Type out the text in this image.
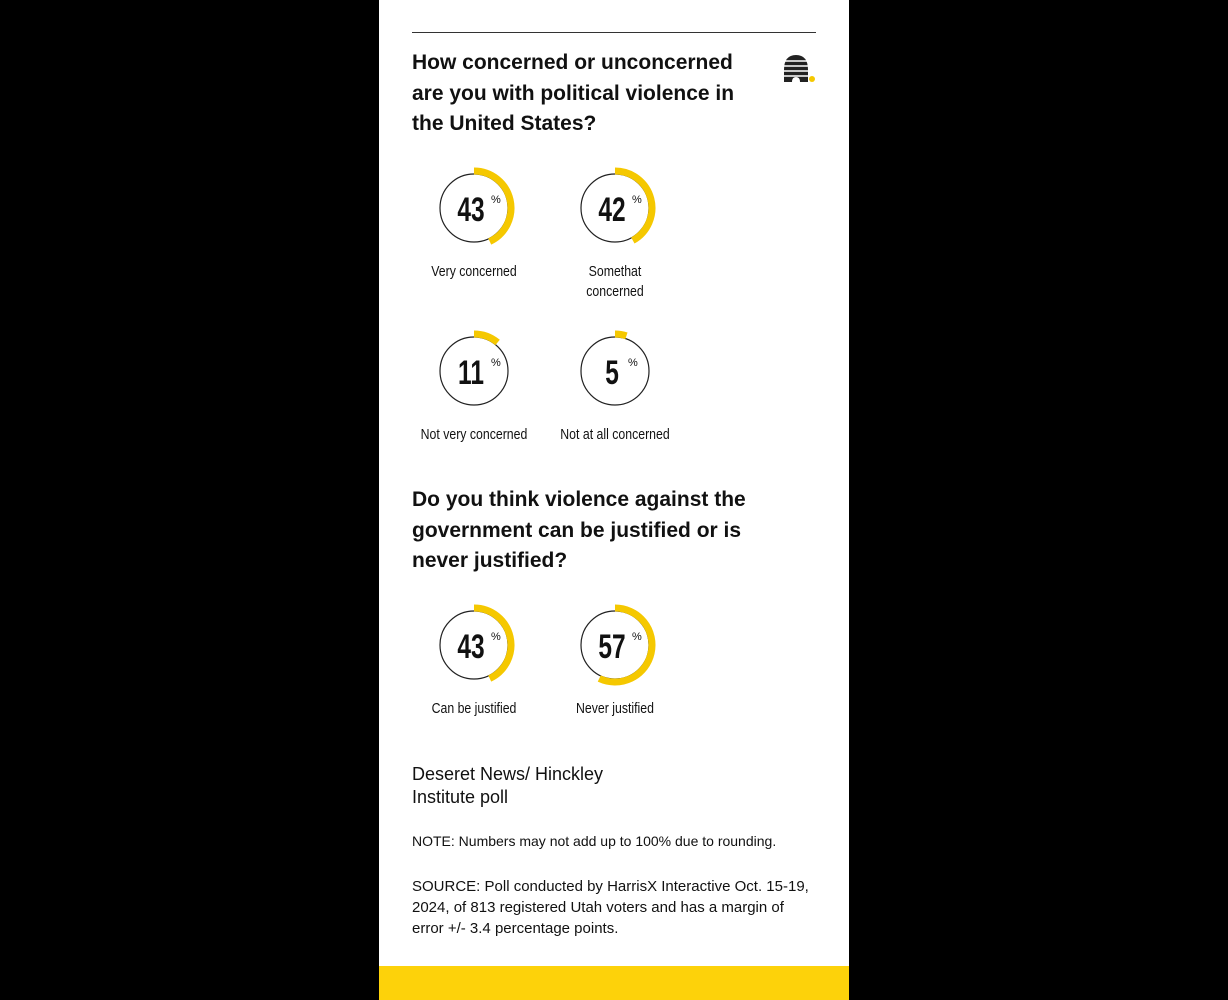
How concerned or unconcerned are you with political violence in the United States?
43 %
Very concerned
42 %
Somethat concerned
11 %
Not very concerned
5 %
Not at all concerned
Do you think violence against the government can be justified or is never justified?
43 %
Can be justified
57 %
Never justified
Deseret News/ Hinckley Institute poll
NOTE: Numbers may not add up to 100% due to rounding.
SOURCE: Poll conducted by HarrisX Interactive Oct. 15-19, 2024, of 813 registered Utah voters and has a margin of error +/- 3.4 percentage points.
